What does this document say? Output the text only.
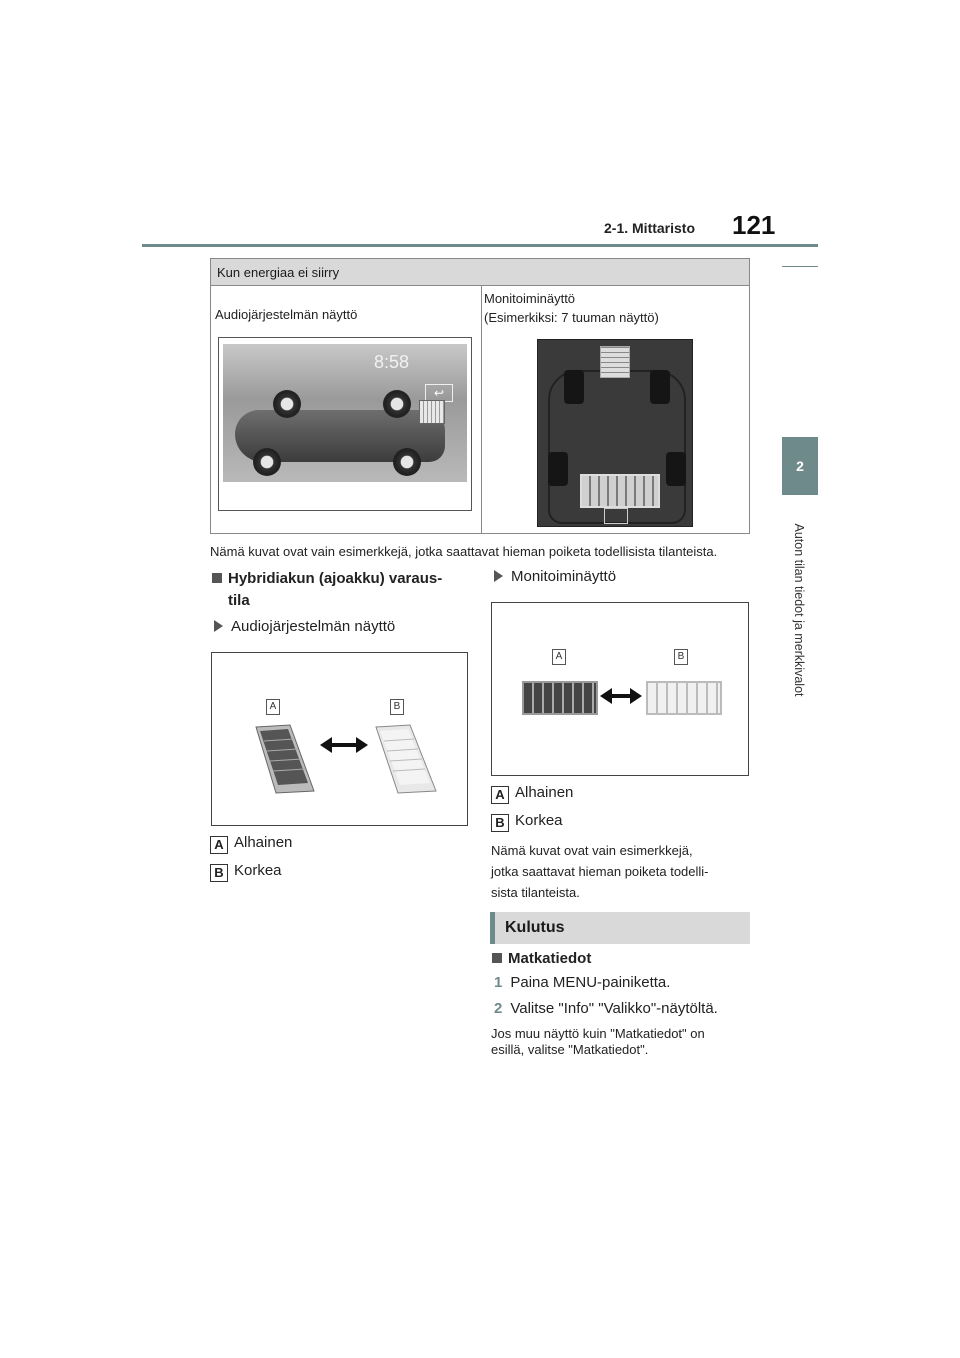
2-1. Mittaristo 121
2
Auton tilan tiedot ja merkkivalot
Kun energiaa ei siirry
Audiojärjestelmän näyttö
Monitoiminäyttö
(Esimerkiksi: 7 tuuman näyttö)
8:58
↩
Nämä kuvat ovat vain esimerkkejä, jotka saattavat hieman poiketa todellisista tilanteista.
Hybridiakun (ajoakku) varaus-
tila
Audiojärjestelmän näyttö
A	B
A Alhainen
B Korkea
Monitoiminäyttö
A	B
A Alhainen
B Korkea
Nämä kuvat ovat vain esimerkkejä,
jotka saattavat hieman poiketa todelli-
sista tilanteista.
Kulutus
Matkatiedot
1 Paina MENU-painiketta.
2 Valitse "Info" "Valikko"-näytöltä.
Jos muu näyttö kuin "Matkatiedot" on
esillä, valitse "Matkatiedot".
